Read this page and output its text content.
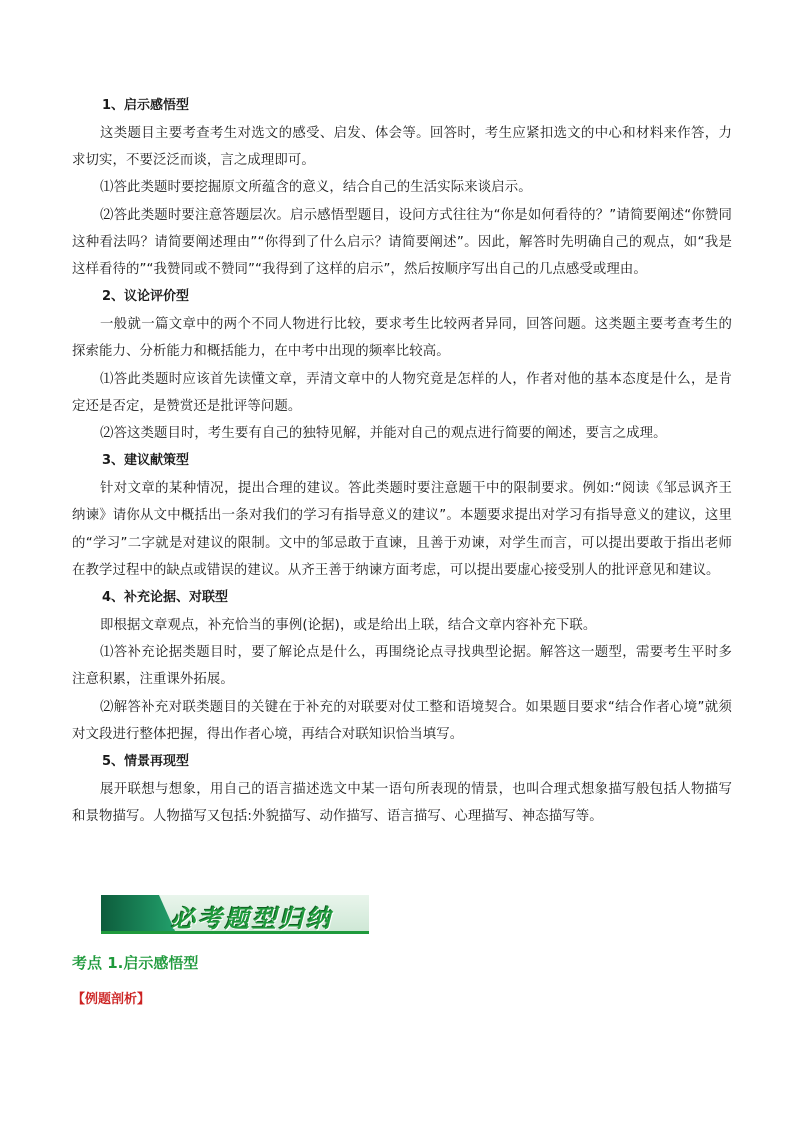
1、启示感悟型

这类题目主要考查考生对选文的感受、启发、体会等。回答时，考生应紧扣选文的中心和材料来作答，力求切实，不要泛泛而谈，言之成理即可。

⑴答此类题时要挖掘原文所蕴含的意义，结合自己的生活实际来谈启示。

⑵答此类题时要注意答题层次。启示感悟型题目，设问方式往往为“你是如何看待的？”请简要阐述“你赞同这种看法吗？请简要阐述理由”“你得到了什么启示？请简要阐述”。因此，解答时先明确自己的观点，如“我是这样看待的”“我赞同或不赞同”“我得到了这样的启示”，然后按顺序写出自己的几点感受或理由。

2、议论评价型

一般就一篇文章中的两个不同人物进行比较，要求考生比较两者异同，回答问题。这类题主要考查考生的探索能力、分析能力和概括能力，在中考中出现的频率比较高。

⑴答此类题时应该首先读懂文章，弄清文章中的人物究竟是怎样的人，作者对他的基本态度是什么，是肯定还是否定，是赞赏还是批评等问题。

⑵答这类题目时，考生要有自己的独特见解，并能对自己的观点进行简要的阐述，要言之成理。

3、建议献策型

针对文章的某种情况，提出合理的建议。答此类题时要注意题干中的限制要求。例如:“阅读《邹忌讽齐王纳谏》请你从文中概括出一条对我们的学习有指导意义的建议”。本题要求提出对学习有指导意义的建议，这里的“学习”二字就是对建议的限制。文中的邹忌敢于直谏，且善于劝谏，对学生而言，可以提出要敢于指出老师在教学过程中的缺点或错误的建议。从齐王善于纳谏方面考虑，可以提出要虚心接受别人的批评意见和建议。

4、补充论据、对联型

即根据文章观点，补充恰当的事例(论据)，或是给出上联，结合文章内容补充下联。

⑴答补充论据类题目时，要了解论点是什么，再围绕论点寻找典型论据。解答这一题型，需要考生平时多注意积累，注重课外拓展。

⑵解答补充对联类题目的关键在于补充的对联要对仗工整和语境契合。如果题目要求“结合作者心境”就须对文段进行整体把握，得出作者心境，再结合对联知识恰当填写。

5、情景再现型

展开联想与想象，用自己的语言描述选文中某一语句所表现的情景，也叫合理式想象描写般包括人物描写和景物描写。人物描写又包括:外貌描写、动作描写、语言描写、心理描写、神态描写等。

必考题型归纳
考点 1.启示感悟型
【例题剖析】
